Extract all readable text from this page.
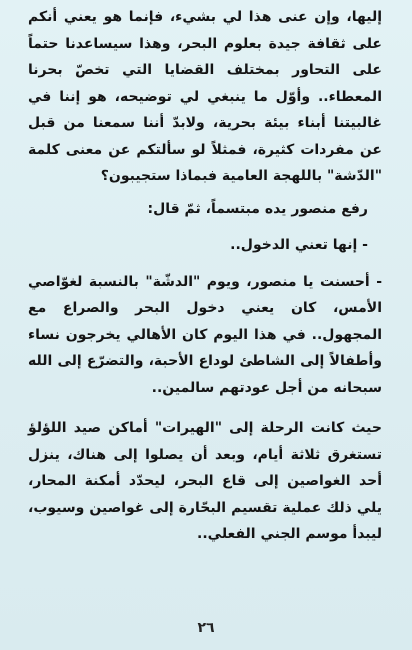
إليها، وإن عنى هذا لي بشيء، فإنما هو يعني أنكم على ثقافة جيدة بعلوم البحر، وهذا سيساعدنا حتماً على التحاور بمختلف القضايا التي تخصّ بحرنا المعطاء.. وأوّل ما ينبغي لي توضيحه، هو إننا في غالبيتنا أبناء بيئة بحرية، ولابدّ أننا سمعنا من قبل عن مفردات كثيرة، فمثلاً لو سألتكم عن معنى كلمة "الدّشة" باللهجة العامية فبماذا ستجيبون؟

رفع منصور يده مبتسماً، ثمّ قال:

- إنها تعني الدخول..

- أحسنت يا منصور، ويوم "الدشّة" بالنسبة لغوّاصي الأمس، كان يعني دخول البحر والصراع مع المجهول.. في هذا اليوم كان الأهالي يخرجون نساء وأطفالاً إلى الشاطئ لوداع الأحبة، والتضرّع إلى الله سبحانه من أجل عودتهم سالمين..

حيث كانت الرحلة إلى "الهيرات" أماكن صيد اللؤلؤ تستغرق ثلاثة أيام، وبعد أن يصلوا إلى هناك، ينزل أحد الغواصين إلى قاع البحر، ليحدّد أمكنة المحار، يلي ذلك عملية تقسيم البحّارة إلى غواصين وسيوب، ليبدأ موسم الجني الفعلي..

٢٦
